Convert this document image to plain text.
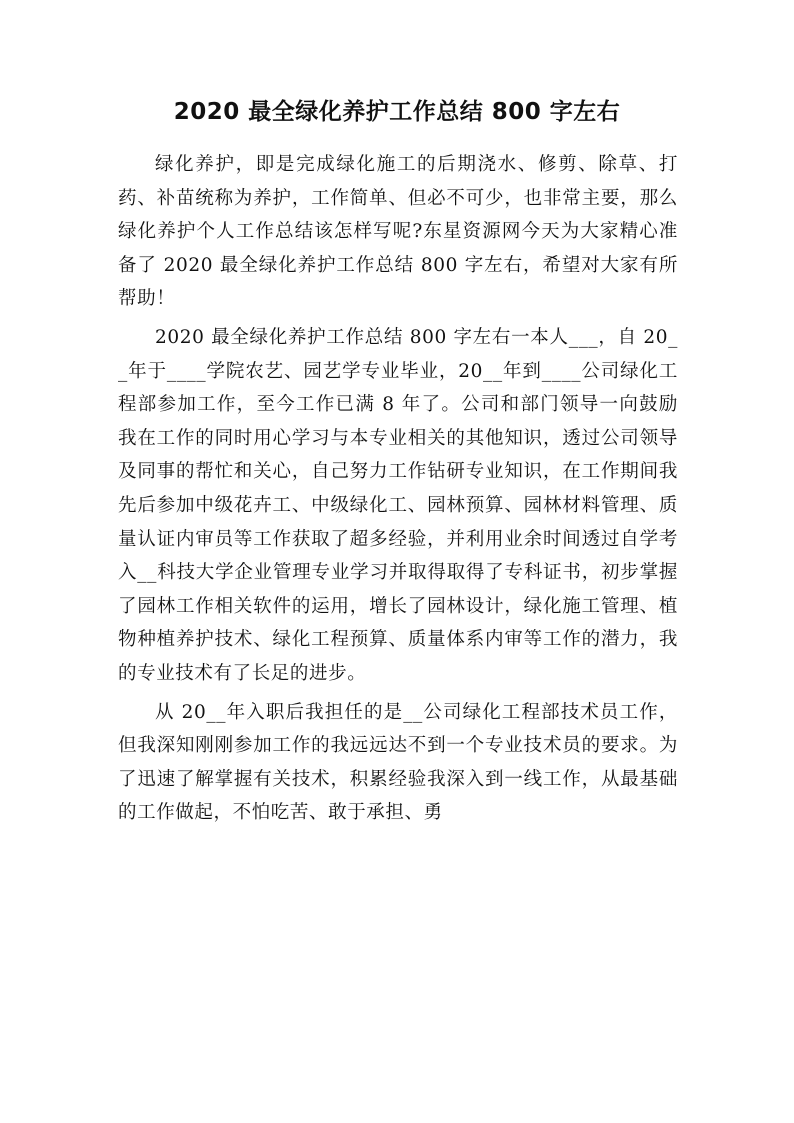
2020 最全绿化养护工作总结 800 字左右

绿化养护，即是完成绿化施工的后期浇水、修剪、除草、打药、补苗统称为养护，工作简单、但必不可少，也非常主要，那么绿化养护个人工作总结该怎样写呢?东星资源网今天为大家精心准备了 2020 最全绿化养护工作总结 800 字左右，希望对大家有所帮助！

2020 最全绿化养护工作总结 800 字左右一本人___，自 20__年于____学院农艺、园艺学专业毕业，20__年到____公司绿化工程部参加工作，至今工作已满 8 年了。公司和部门领导一向鼓励我在工作的同时用心学习与本专业相关的其他知识，透过公司领导及同事的帮忙和关心，自己努力工作钻研专业知识，在工作期间我先后参加中级花卉工、中级绿化工、园林预算、园林材料管理、质量认证内审员等工作获取了超多经验，并利用业余时间透过自学考入__科技大学企业管理专业学习并取得取得了专科证书，初步掌握了园林工作相关软件的运用，增长了园林设计，绿化施工管理、植物种植养护技术、绿化工程预算、质量体系内审等工作的潜力，我的专业技术有了长足的进步。

从 20__年入职后我担任的是__公司绿化工程部技术员工作，但我深知刚刚参加工作的我远远达不到一个专业技术员的要求。为了迅速了解掌握有关技术，积累经验我深入到一线工作，从最基础的工作做起，不怕吃苦、敢于承担、勇
